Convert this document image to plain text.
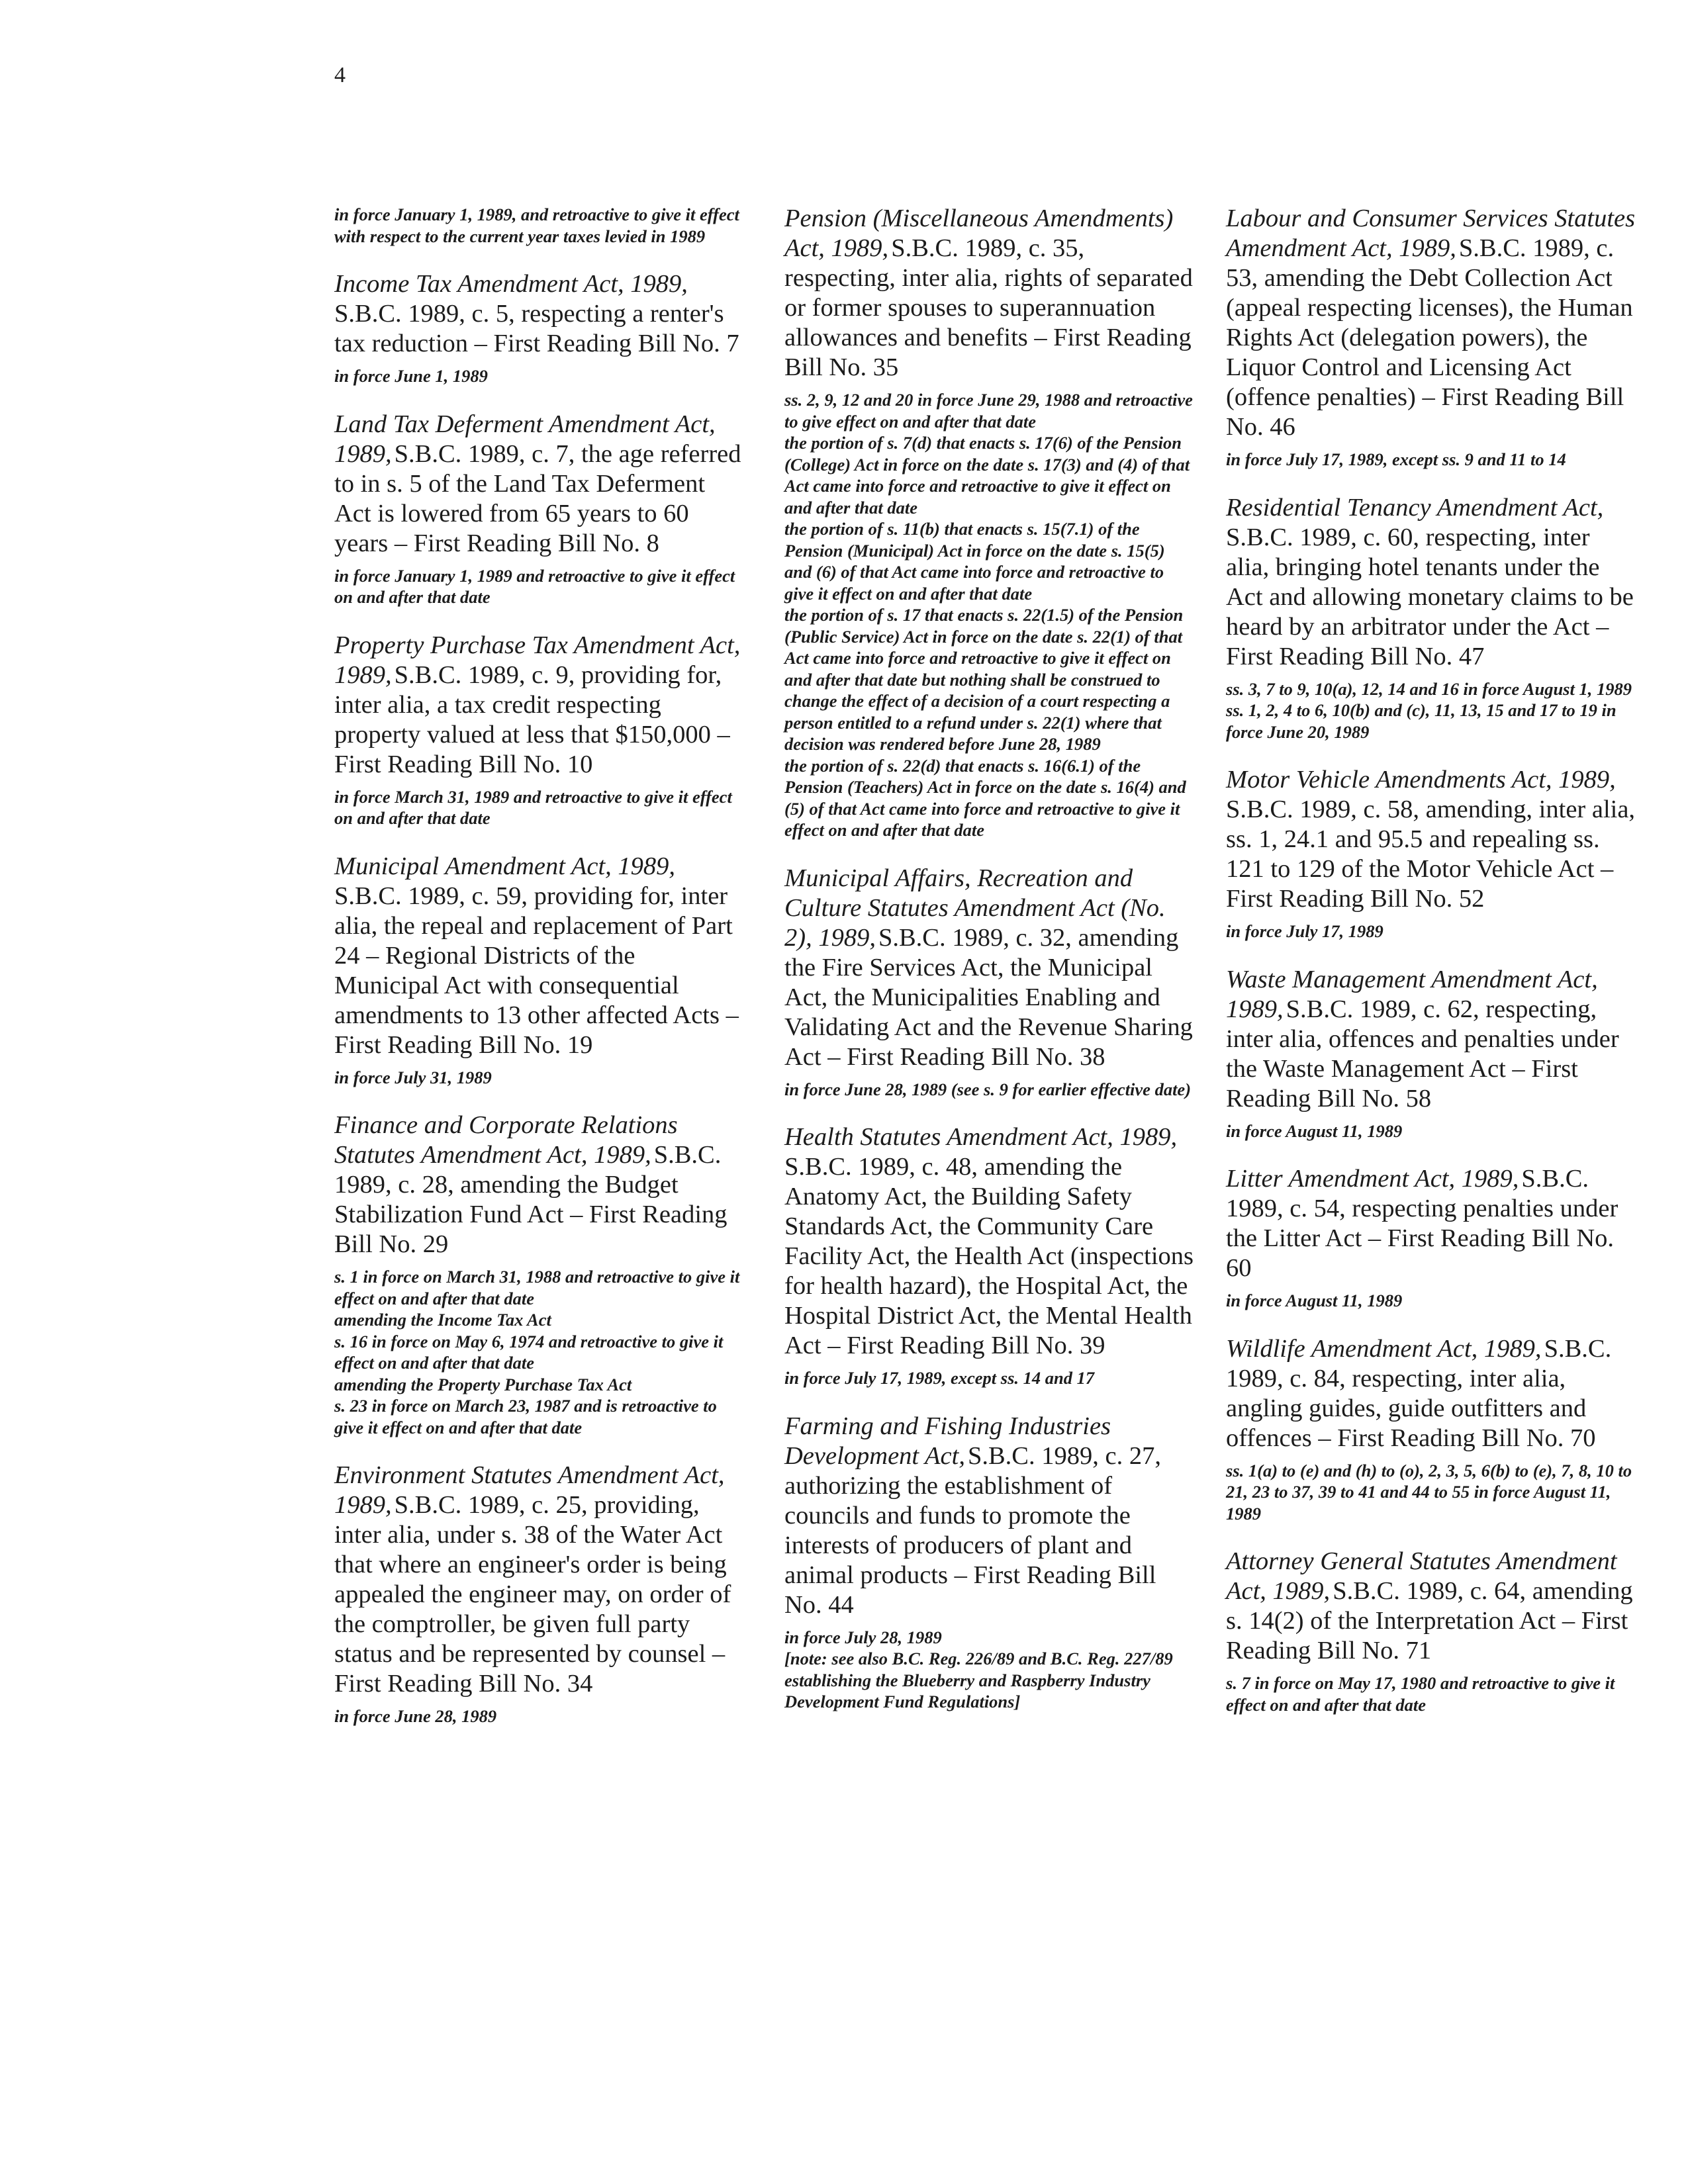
4
in force January 1, 1989, and retroactive to give it effect with respect to the current year taxes levied in 1989
Income Tax Amendment Act, 1989, S.B.C. 1989, c. 5, respecting a renter's tax reduction – First Reading Bill No. 7
in force June 1, 1989
Land Tax Deferment Amendment Act, 1989, S.B.C. 1989, c. 7, the age referred to in s. 5 of the Land Tax Deferment Act is lowered from 65 years to 60 years – First Reading Bill No. 8
in force January 1, 1989 and retroactive to give it effect on and after that date
Property Purchase Tax Amendment Act, 1989, S.B.C. 1989, c. 9, providing for, inter alia, a tax credit respecting property valued at less that $150,000 – First Reading Bill No. 10
in force March 31, 1989 and retroactive to give it effect on and after that date
Municipal Amendment Act, 1989, S.B.C. 1989, c. 59, providing for, inter alia, the repeal and replacement of Part 24 – Regional Districts of the Municipal Act with consequential amendments to 13 other affected Acts – First Reading Bill No. 19
in force July 31, 1989
Finance and Corporate Relations Statutes Amendment Act, 1989, S.B.C. 1989, c. 28, amending the Budget Stabilization Fund Act – First Reading Bill No. 29
s. 1 in force on March 31, 1988 and retroactive to give it effect on and after that date
amending the Income Tax Act
s. 16 in force on May 6, 1974 and retroactive to give it effect on and after that date
amending the Property Purchase Tax Act
s. 23 in force on March 23, 1987 and is retroactive to give it effect on and after that date
Environment Statutes Amendment Act, 1989, S.B.C. 1989, c. 25, providing, inter alia, under s. 38 of the Water Act that where an engineer's order is being appealed the engineer may, on order of the comptroller, be given full party status and be represented by counsel – First Reading Bill No. 34
in force June 28, 1989
Pension (Miscellaneous Amendments) Act, 1989, S.B.C. 1989, c. 35, respecting, inter alia, rights of separated or former spouses to superannuation allowances and benefits – First Reading Bill No. 35
ss. 2, 9, 12 and 20 in force June 29, 1988 and retroactive to give effect on and after that date
the portion of s. 7(d) that enacts s. 17(6) of the Pension (College) Act in force on the date s. 17(3) and (4) of that Act came into force and retroactive to give it effect on and after that date
the portion of s. 11(b) that enacts s. 15(7.1) of the Pension (Municipal) Act in force on the date s. 15(5) and (6) of that Act came into force and retroactive to give it effect on and after that date
the portion of s. 17 that enacts s. 22(1.5) of the Pension (Public Service) Act in force on the date s. 22(1) of that Act came into force and retroactive to give it effect on and after that date but nothing shall be construed to change the effect of a decision of a court respecting a person entitled to a refund under s. 22(1) where that decision was rendered before June 28, 1989
the portion of s. 22(d) that enacts s. 16(6.1) of the Pension (Teachers) Act in force on the date s. 16(4) and (5) of that Act came into force and retroactive to give it effect on and after that date
Municipal Affairs, Recreation and Culture Statutes Amendment Act (No. 2), 1989, S.B.C. 1989, c. 32, amending the Fire Services Act, the Municipal Act, the Municipalities Enabling and Validating Act and the Revenue Sharing Act – First Reading Bill No. 38
in force June 28, 1989 (see s. 9 for earlier effective date)
Health Statutes Amendment Act, 1989, S.B.C. 1989, c. 48, amending the Anatomy Act, the Building Safety Standards Act, the Community Care Facility Act, the Health Act (inspections for health hazard), the Hospital Act, the Hospital District Act, the Mental Health Act – First Reading Bill No. 39
in force July 17, 1989, except ss. 14 and 17
Farming and Fishing Industries Development Act, S.B.C. 1989, c. 27, authorizing the establishment of councils and funds to promote the interests of producers of plant and animal products – First Reading Bill No. 44
in force July 28, 1989
[note: see also B.C. Reg. 226/89 and B.C. Reg. 227/89 establishing the Blueberry and Raspberry Industry Development Fund Regulations]
Labour and Consumer Services Statutes Amendment Act, 1989, S.B.C. 1989, c. 53, amending the Debt Collection Act (appeal respecting licenses), the Human Rights Act (delegation powers), the Liquor Control and Licensing Act (offence penalties) – First Reading Bill No. 46
in force July 17, 1989, except ss. 9 and 11 to 14
Residential Tenancy Amendment Act, S.B.C. 1989, c. 60, respecting, inter alia, bringing hotel tenants under the Act and allowing monetary claims to be heard by an arbitrator under the Act – First Reading Bill No. 47
ss. 3, 7 to 9, 10(a), 12, 14 and 16 in force August 1, 1989
ss. 1, 2, 4 to 6, 10(b) and (c), 11, 13, 15 and 17 to 19 in force June 20, 1989
Motor Vehicle Amendments Act, 1989, S.B.C. 1989, c. 58, amending, inter alia, ss. 1, 24.1 and 95.5 and repealing ss. 121 to 129 of the Motor Vehicle Act – First Reading Bill No. 52
in force July 17, 1989
Waste Management Amendment Act, 1989, S.B.C. 1989, c. 62, respecting, inter alia, offences and penalties under the Waste Management Act – First Reading Bill No. 58
in force August 11, 1989
Litter Amendment Act, 1989, S.B.C. 1989, c. 54, respecting penalties under the Litter Act – First Reading Bill No. 60
in force August 11, 1989
Wildlife Amendment Act, 1989, S.B.C. 1989, c. 84, respecting, inter alia, angling guides, guide outfitters and offences – First Reading Bill No. 70
ss. 1(a) to (e) and (h) to (o), 2, 3, 5, 6(b) to (e), 7, 8, 10 to 21, 23 to 37, 39 to 41 and 44 to 55 in force August 11, 1989
Attorney General Statutes Amendment Act, 1989, S.B.C. 1989, c. 64, amending s. 14(2) of the Interpretation Act – First Reading Bill No. 71
s. 7 in force on May 17, 1980 and retroactive to give it effect on and after that date
